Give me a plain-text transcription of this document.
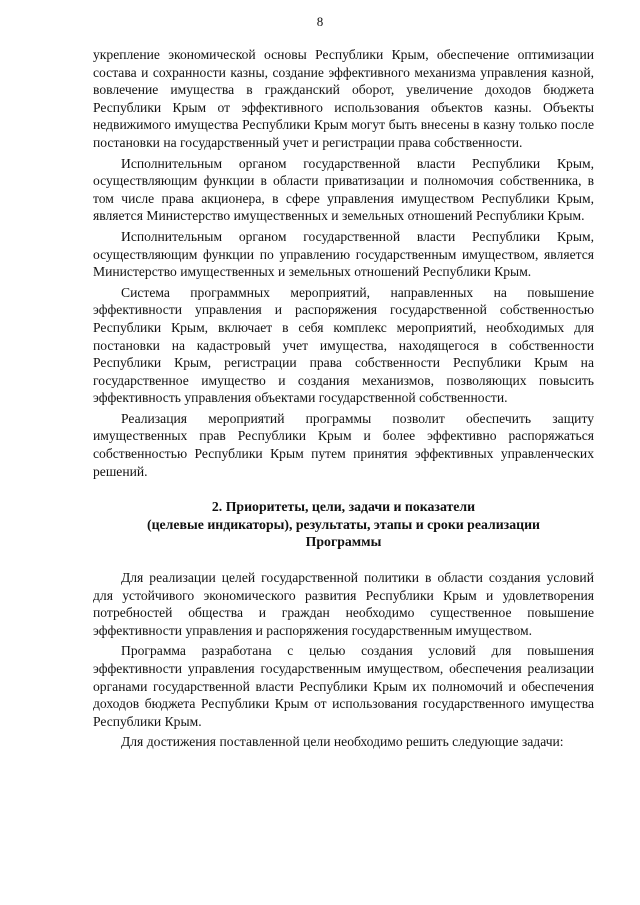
8

укрепление экономической основы Республики Крым, обеспечение оптимизации состава и сохранности казны, создание эффективного механизма управления казной, вовлечение имущества в гражданский оборот, увеличение доходов бюджета Республики Крым от эффективного использования объектов казны. Объекты недвижимого имущества Республики Крым могут быть внесены в казну только после постановки на государственный учет и регистрации права собственности.

Исполнительным органом государственной власти Республики Крым, осуществляющим функции в области приватизации и полномочия собственника, в том числе права акционера, в сфере управления имуществом Республики Крым, является Министерство имущественных и земельных отношений Республики Крым.

Исполнительным органом государственной власти Республики Крым, осуществляющим функции по управлению государственным имуществом, является Министерство имущественных и земельных отношений Республики Крым.

Система программных мероприятий, направленных на повышение эффективности управления и распоряжения государственной собственностью Республики Крым, включает в себя комплекс мероприятий, необходимых для постановки на кадастровый учет имущества, находящегося в собственности Республики Крым, регистрации права собственности Республики Крым на государственное имущество и создания механизмов, позволяющих повысить эффективность управления объектами государственной собственности.

Реализация мероприятий программы позволит обеспечить защиту имущественных прав Республики Крым и более эффективно распоряжаться собственностью Республики Крым путем принятия эффективных управленческих решений.

2. Приоритеты, цели, задачи и показатели
(целевые индикаторы), результаты, этапы и сроки реализации
Программы

Для реализации целей государственной политики в области создания условий для устойчивого экономического развития Республики Крым и удовлетворения потребностей общества и граждан необходимо существенное повышение эффективности управления и распоряжения государственным имуществом.

Программа разработана с целью создания условий для повышения эффективности управления государственным имуществом, обеспечения реализации органами государственной власти Республики Крым их полномочий и обеспечения доходов бюджета Республики Крым от использования государственного имущества Республики Крым.

Для достижения поставленной цели необходимо решить следующие задачи:
